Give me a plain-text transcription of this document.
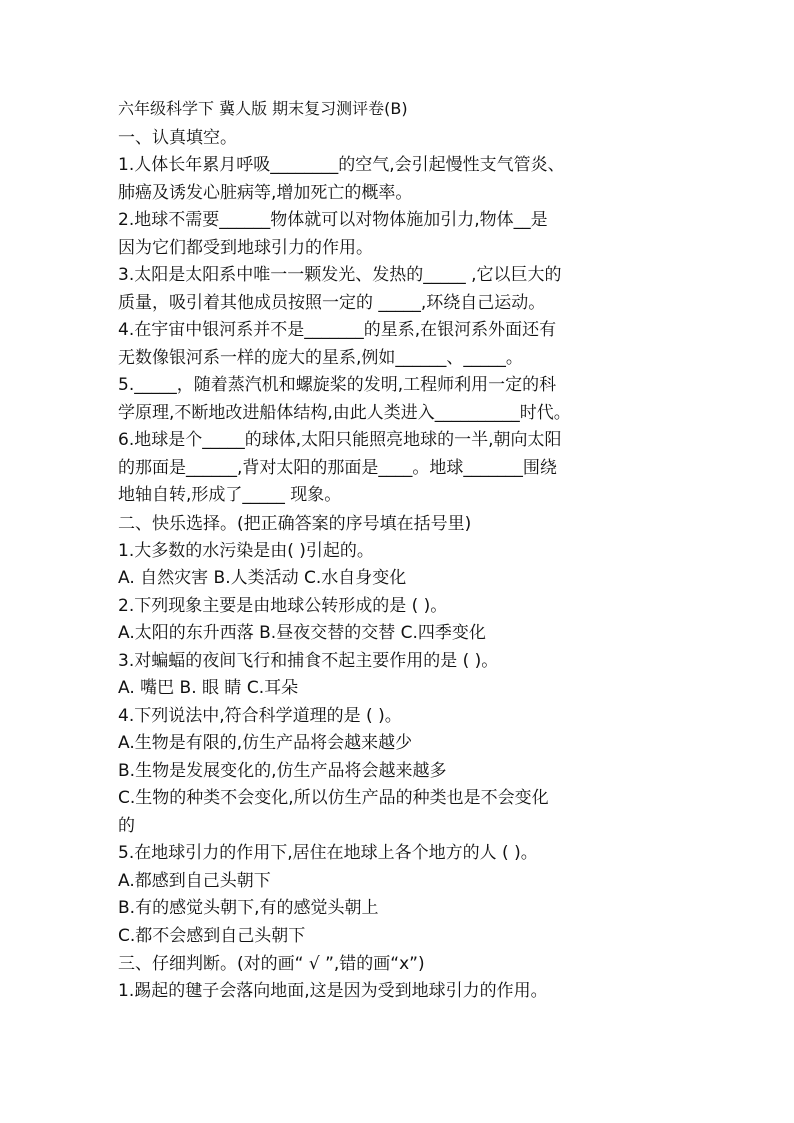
六年级科学下 冀人版 期末复习测评卷(B)
一、认真填空。
1.人体长年累月呼吸________的空气,会引起慢性支气管炎、
肺癌及诱发心脏病等,增加死亡的概率。
2.地球不需要______物体就可以对物体施加引力,物体__是
因为它们都受到地球引力的作用。
3.太阳是太阳系中唯一一颗发光、发热的_____ ,它以巨大的
质量，吸引着其他成员按照一定的 _____,环绕自己运动。
4.在宇宙中银河系并不是_______的星系,在银河系外面还有
无数像银河系一样的庞大的星系,例如______、_____。
5._____，随着蒸汽机和螺旋桨的发明,工程师利用一定的科
学原理,不断地改进船体结构,由此人类进入__________时代。
6.地球是个_____的球体,太阳只能照亮地球的一半,朝向太阳
的那面是______,背对太阳的那面是____。地球_______围绕
地轴自转,形成了_____ 现象。
二、快乐选择。(把正确答案的序号填在括号里)
1.大多数的水污染是由( )引起的。
A. 自然灾害 B.人类活动 C.水自身变化
2.下列现象主要是由地球公转形成的是 ( )。
A.太阳的东升西落 B.昼夜交替的交替 C.四季变化
3.对蝙蝠的夜间飞行和捕食不起主要作用的是 ( )。
A. 嘴巴 B. 眼 睛 C.耳朵
4.下列说法中,符合科学道理的是 ( )。
A.生物是有限的,仿生产品将会越来越少
B.生物是发展变化的,仿生产品将会越来越多
C.生物的种类不会变化,所以仿生产品的种类也是不会变化
的
5.在地球引力的作用下,居住在地球上各个地方的人 ( )。
A.都感到自己头朝下
B.有的感觉头朝下,有的感觉头朝上
C.都不会感到自己头朝下
三、仔细判断。(对的画“ √ ”,错的画“x”)
1.踢起的毽子会落向地面,这是因为受到地球引力的作用。
